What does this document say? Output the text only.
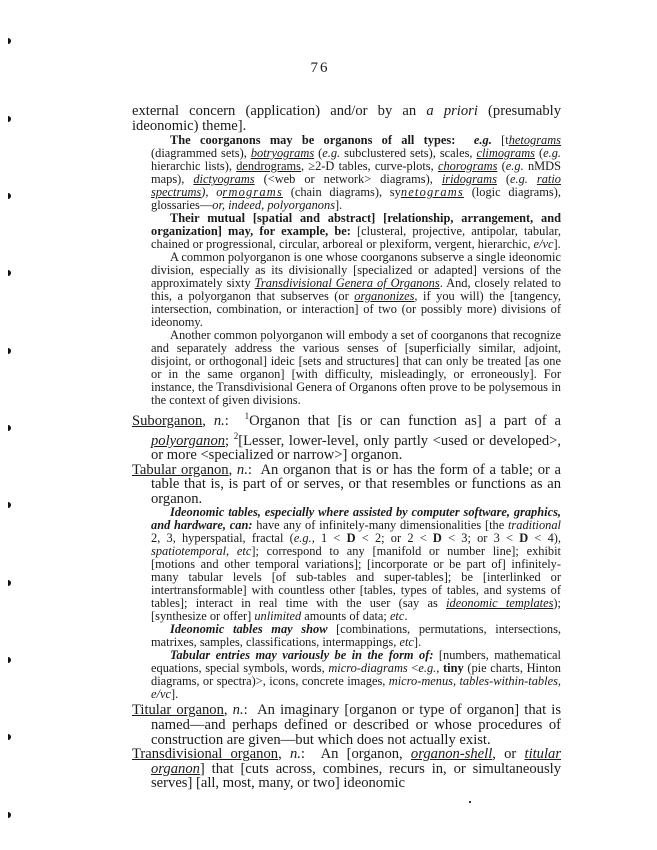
76
external concern (application) and/or by an a priori (presumably ideonomic) theme].
The coorganons may be organons of all types: e.g. [thetograms (diagrammed sets), botryograms (e.g. subclustered sets), scales, climograms (e.g. hierarchic lists), dendrograms, ≥2-D tables, curve-plots, chorograms (e.g. nMDS maps), dictyograms (<web or network> diagrams), iridograms (e.g. ratio spectrums), ormograms (chain diagrams), synetograms (logic diagrams), glossaries—or, indeed, polyorganons].
Their mutual [spatial and abstract] [relationship, arrangement, and organization] may, for example, be: [clusteral, projective, antipolar, tabular, chained or progressional, circular, arboreal or plexiform, vergent, hierarchic, e/vc].
A common polyorganon is one whose coorganons subserve a single ideonomic division, especially as its divisionally [specialized or adapted] versions of the approximately sixty Transdivisional Genera of Organons. And, closely related to this, a polyorganon that subserves (or organonizes, if you will) the [tangency, intersection, combination, or interaction] of two (or possibly more) divisions of ideonomy.
Another common polyorganon will embody a set of coorganons that recognize and separately address the various senses of [superficially similar, adjoint, disjoint, or orthogonal] ideic [sets and structures] that can only be treated [as one or in the same organon] [with difficulty, misleadingly, or erroneously]. For instance, the Transdivisional Genera of Organons often prove to be polysemous in the context of given divisions.
Suborganon, n.:  $^1$Organon that [is or can function as] a part of a polyorganon; $^2$[Lesser, lower-level, only partly <used or developed>, or more <specialized or narrow>] organon.
Tabular organon, n.:  An organon that is or has the form of a table; or a table that is, is part of or serves, or that resembles or functions as an organon.
Ideonomic tables, especially where assisted by computer software, graphics, and hardware, can: have any of infinitely-many dimensionalities [the traditional 2, 3, hyperspatial, fractal (e.g., 1 < D < 2; or 2 < D < 3; or 3 < D < 4), spatiotemporal, etc]; correspond to any [manifold or number line]; exhibit [motions and other temporal variations]; [incorporate or be part of] infinitely-many tabular levels [of sub-tables and super-tables]; be [interlinked or intertransformable] with countless other [tables, types of tables, and systems of tables]; interact in real time with the user (say as ideonomic templates); [synthesize or offer] unlimited amounts of data; etc.
Ideonomic tables may show [combinations, permutations, intersections, matrixes, samples, classifications, intermappings, etc].
Tabular entries may variously be in the form of: [numbers, mathematical equations, special symbols, words, micro-diagrams <e.g., tiny (pie charts, Hinton diagrams, or spectra)>, icons, concrete images, micro-menus, tables-within-tables, e/vc].
Titular organon, n.:  An imaginary [organon or type of organon] that is named—and perhaps defined or described or whose procedures of construction are given—but which does not actually exist.
Transdivisional organon, n.:  An [organon, organon-shell, or titular organon] that [cuts across, combines, recurs in, or simultaneously serves] [all, most, many, or two] ideonomic
